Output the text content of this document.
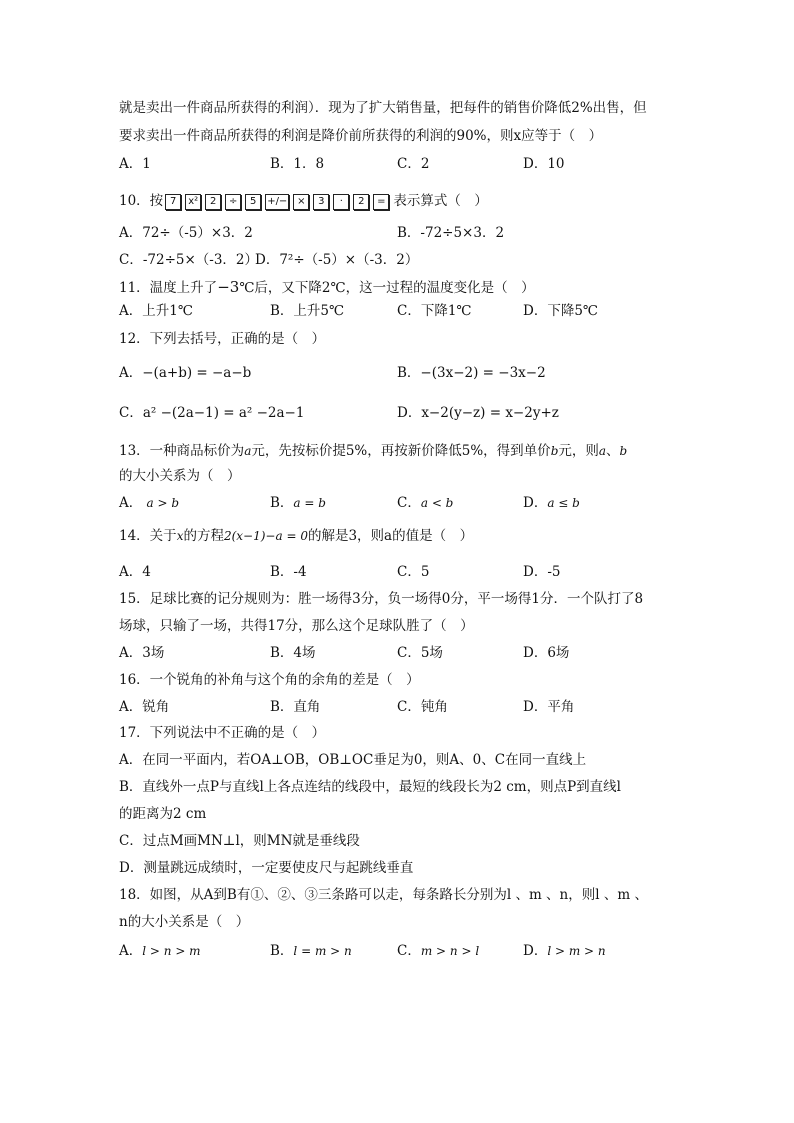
就是卖出一件商品所获得的利润）．现为了扩大销售量，把每件的销售价降低2%出售，但
要求卖出一件商品所获得的利润是降价前所获得的利润的90%，则x应等于（　）
A．1	B．1．8	C．2	D．10
10．按 7	x²	2	÷	5	+/− ×	3	·	2	= 表示算式（　）
A．72÷（-5）×3．2	B．-72÷5×3．2
C．-72÷5×（-3．2）
D．7²÷（-5）×（-3．2）
11．温度上升了−3℃后，又下降2℃，这一过程的温度变化是（　）
A．上升1℃	B．上升5℃	C．下降1℃	D．下降5℃
12．下列去括号，正确的是（　）
A．−(a+b) = −a−b	B．−(3x−2) = −3x−2
C．a² −(2a−1) = a² −2a−1	D．x−2(y−z) = x−2y+z
13．一种商品标价为a元，先按标价提5%，再按新价降低5%，得到单价b元，则a、b
的大小关系为（　）
A． a > b	B．a = b	C．a < b	D．a ≤ b
14．关于x的方程2(x−1)−a = 0的解是3，则a的值是（　）
A．4	B．-4	C．5	D．-5
15．足球比赛的记分规则为：胜一场得3分，负一场得0分，平一场得1分．一个队打了8
场球，只输了一场，共得17分，那么这个足球队胜了（　）
A．3场	B．4场	C．5场	D．6场
16．一个锐角的补角与这个角的余角的差是（　）
A．锐角	B．直角	C．钝角	D．平角
17．下列说法中不正确的是（　）
A．在同一平面内，若OA⊥OB，OB⊥OC垂足为0，则A、0、C在同一直线上
B．直线外一点P与直线l上各点连结的线段中，最短的线段长为2 cm，则点P到直线l
的距离为2 cm
C．过点M画MN⊥l，则MN就是垂线段
D．测量跳远成绩时，一定要使皮尺与起跳线垂直
18．如图，从A到B有①、②、③三条路可以走，每条路长分别为l 、m 、n，则l 、m 、
n的大小关系是（　）
A．l > n > m	B．l = m > n	C．m > n > l	D．l > m > n
